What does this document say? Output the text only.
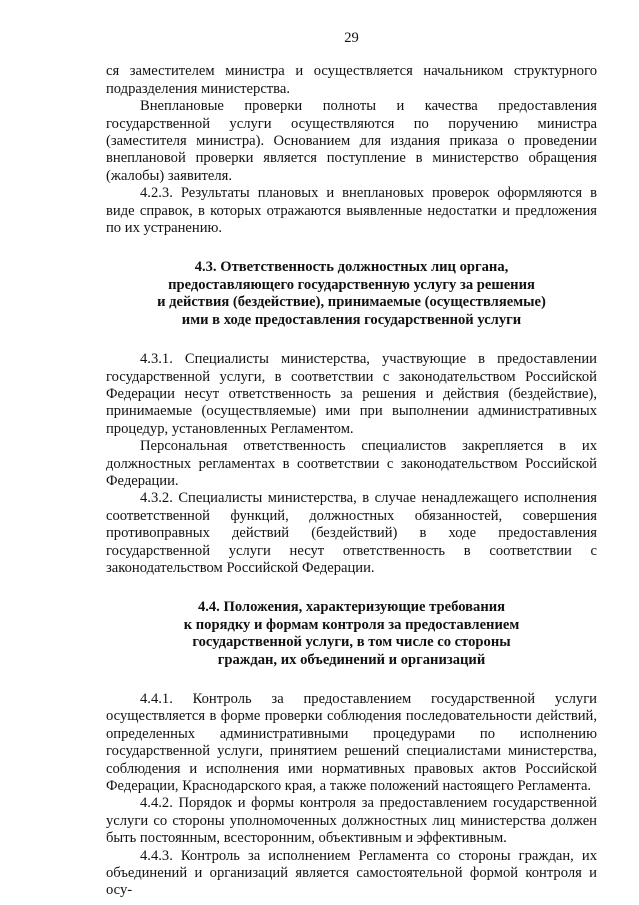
29

ся заместителем министра и осуществляется начальником структурного подразделения министерства.

Внеплановые проверки полноты и качества предоставления государственной услуги осуществляются по поручению министра (заместителя министра). Основанием для издания приказа о проведении внеплановой проверки является поступление в министерство обращения (жалобы) заявителя.

4.2.3. Результаты плановых и внеплановых проверок оформляются в виде справок, в которых отражаются выявленные недостатки и предложения по их устранению.

4.3. Ответственность должностных лиц органа,
предоставляющего государственную услугу за решения
и действия (бездействие), принимаемые (осуществляемые)
ими в ходе предоставления государственной услуги

4.3.1. Специалисты министерства, участвующие в предоставлении государственной услуги, в соответствии с законодательством Российской Федерации несут ответственность за решения и действия (бездействие), принимаемые (осуществляемые) ими при выполнении административных процедур, установленных Регламентом.

Персональная ответственность специалистов закрепляется в их должностных регламентах в соответствии с законодательством Российской Федерации.

4.3.2. Специалисты министерства, в случае ненадлежащего исполнения соответственной функций, должностных обязанностей, совершения противоправных действий (бездействий) в ходе предоставления государственной услуги несут ответственность в соответствии с законодательством Российской Федерации.

4.4. Положения, характеризующие требования
к порядку и формам контроля за предоставлением
государственной услуги, в том числе со стороны
граждан, их объединений и организаций

4.4.1. Контроль за предоставлением государственной услуги осуществляется в форме проверки соблюдения последовательности действий, определенных административными процедурами по исполнению государственной услуги, принятием решений специалистами министерства, соблюдения и исполнения ими нормативных правовых актов Российской Федерации, Краснодарского края, а также положений настоящего Регламента.

4.4.2. Порядок и формы контроля за предоставлением государственной услуги со стороны уполномоченных должностных лиц министерства должен быть постоянным, всесторонним, объективным и эффективным.

4.4.3. Контроль за исполнением Регламента со стороны граждан, их объединений и организаций является самостоятельной формой контроля и осу-
